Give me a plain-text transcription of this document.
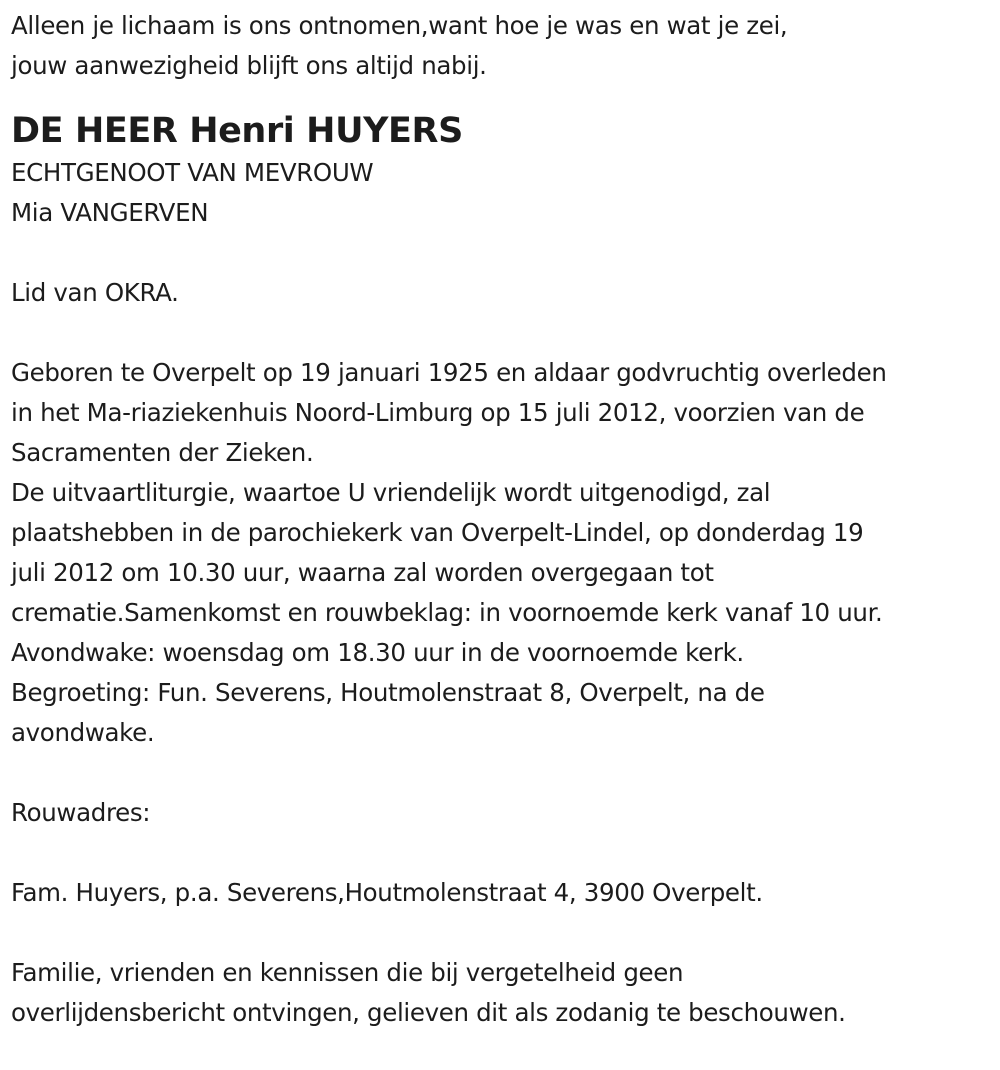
Alleen je lichaam is ons ontnomen,want hoe je was en wat je zei,
jouw aanwezigheid blijft ons altijd nabij.
DE HEER Henri HUYERS
ECHTGENOOT VAN MEVROUW
Mia VANGERVEN
Lid van OKRA.
Geboren te Overpelt op 19 januari 1925 en aldaar godvruchtig overleden
in het Ma-riaziekenhuis Noord-Limburg op 15 juli 2012, voorzien van de
Sacramenten der Zieken.
De uitvaartliturgie, waartoe U vriendelijk wordt uitgenodigd, zal
plaatshebben in de parochiekerk van Overpelt-Lindel, op donderdag 19
juli 2012 om 10.30 uur, waarna zal worden overgegaan tot
crematie.Samenkomst en rouwbeklag: in voornoemde kerk vanaf 10 uur.
Avondwake: woensdag om 18.30 uur in de voornoemde kerk.
Begroeting: Fun. Severens, Houtmolenstraat 8, Overpelt, na de
avondwake.
Rouwadres:
Fam. Huyers, p.a. Severens,Houtmolenstraat 4, 3900 Overpelt.
Familie, vrienden en kennissen die bij vergetelheid geen
overlijdensbericht ontvingen, gelieven dit als zodanig te beschouwen.
